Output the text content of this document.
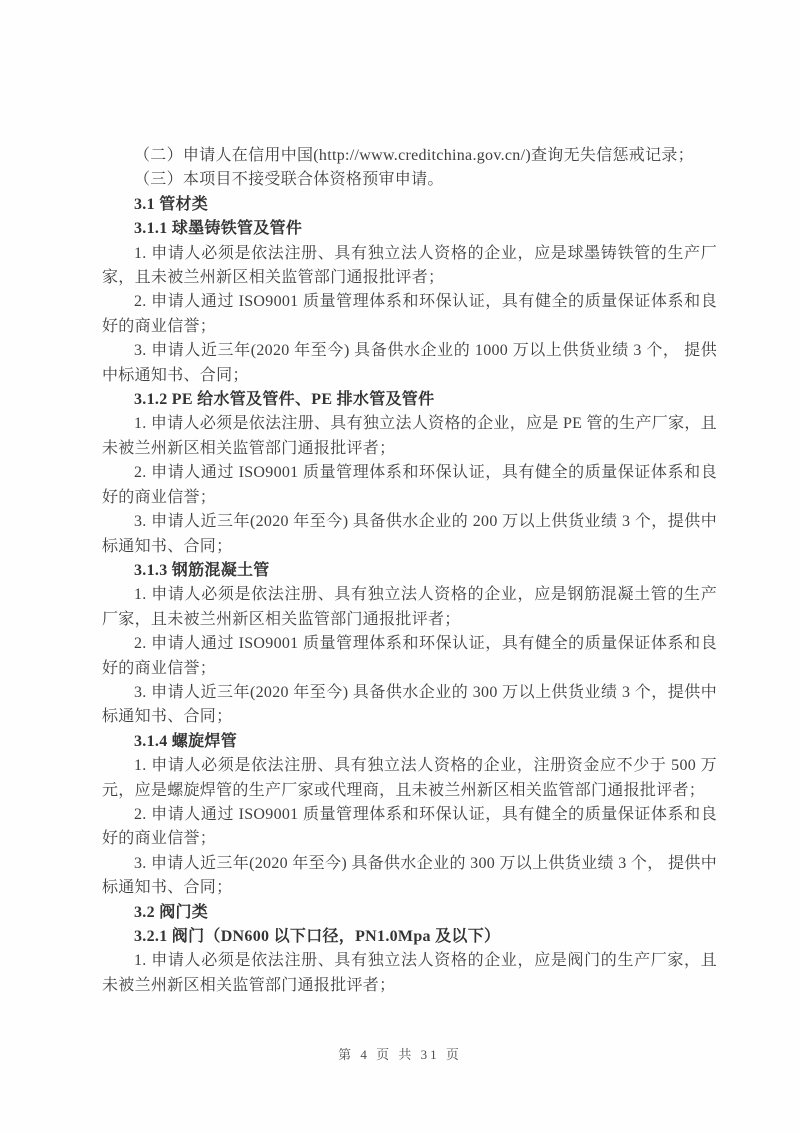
（二）申请人在信用中国(http://www.creditchina.gov.cn/)查询无失信惩戒记录；

（三）本项目不接受联合体资格预审申请。

3.1 管材类

3.1.1 球墨铸铁管及管件

1. 申请人必须是依法注册、具有独立法人资格的企业，应是球墨铸铁管的生产厂家，且未被兰州新区相关监管部门通报批评者；

2. 申请人通过 ISO9001 质量管理体系和环保认证，具有健全的质量保证体系和良好的商业信誉；

3. 申请人近三年(2020 年至今) 具备供水企业的 1000 万以上供货业绩 3 个， 提供中标通知书、合同；

3.1.2 PE 给水管及管件、PE 排水管及管件

1. 申请人必须是依法注册、具有独立法人资格的企业，应是 PE 管的生产厂家，且未被兰州新区相关监管部门通报批评者；

2. 申请人通过 ISO9001 质量管理体系和环保认证，具有健全的质量保证体系和良好的商业信誉；

3. 申请人近三年(2020 年至今) 具备供水企业的 200 万以上供货业绩 3 个，提供中标通知书、合同；

3.1.3 钢筋混凝土管

1. 申请人必须是依法注册、具有独立法人资格的企业，应是钢筋混凝土管的生产厂家，且未被兰州新区相关监管部门通报批评者；

2. 申请人通过 ISO9001 质量管理体系和环保认证，具有健全的质量保证体系和良好的商业信誉；

3. 申请人近三年(2020 年至今) 具备供水企业的 300 万以上供货业绩 3 个，提供中标通知书、合同；

3.1.4 螺旋焊管

1. 申请人必须是依法注册、具有独立法人资格的企业，注册资金应不少于 500 万元，应是螺旋焊管的生产厂家或代理商，且未被兰州新区相关监管部门通报批评者；

2. 申请人通过 ISO9001 质量管理体系和环保认证，具有健全的质量保证体系和良好的商业信誉；

3. 申请人近三年(2020 年至今) 具备供水企业的 300 万以上供货业绩 3 个， 提供中标通知书、合同；

3.2 阀门类

3.2.1 阀门（DN600 以下口径，PN1.0Mpa 及以下）

1. 申请人必须是依法注册、具有独立法人资格的企业，应是阀门的生产厂家，且未被兰州新区相关监管部门通报批评者；

第 4 页 共 31 页
